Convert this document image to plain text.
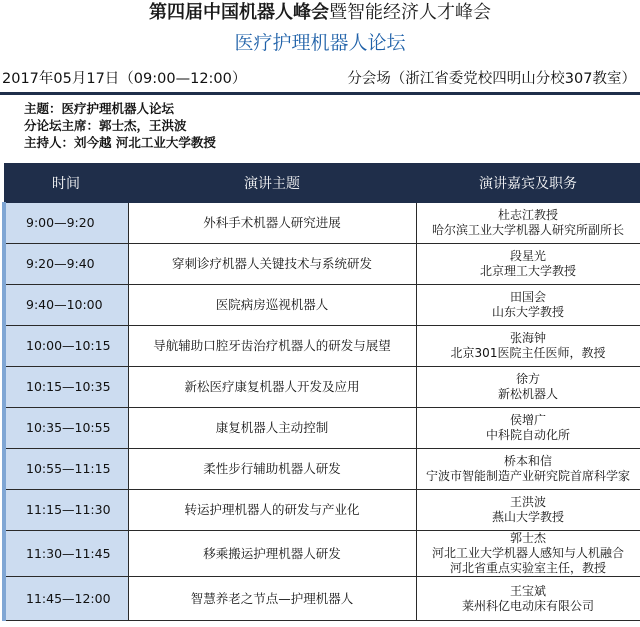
第四届中国机器人峰会暨智能经济人才峰会
医疗护理机器人论坛
2017年05月17日（09:00—12:00）	分会场（浙江省委党校四明山分校307教室）
主题：医疗护理机器人论坛
分论坛主席：郭士杰，王洪波
主持人：刘今越 河北工业大学教授
时间	演讲主题	演讲嘉宾及职务
9:00—9:20	外科手术机器人研究进展	杜志江教授
哈尔滨工业大学机器人研究所副所长

9:20—9:40	穿刺诊疗机器人关键技术与系统研发	段星光
北京理工大学教授

9:40—10:00	医院病房巡视机器人	田国会
山东大学教授

10:00—10:15	导航辅助口腔牙齿治疗机器人的研发与展望	张海钟
北京301医院主任医师，教授

10:15—10:35	新松医疗康复机器人开发及应用	徐方
新松机器人

10:35—10:55	康复机器人主动控制	侯增广
中科院自动化所

10:55—11:15	柔性步行辅助机器人研发	桥本和信
宁波市智能制造产业研究院首席科学家

11:15—11:30	转运护理机器人的研发与产业化	王洪波
燕山大学教授

11:30—11:45	移乘搬运护理机器人研发	郭士杰
河北工业大学机器人感知与人机融合
河北省重点实验室主任，教授

11:45—12:00	智慧养老之节点—护理机器人	王宝斌
莱州科亿电动床有限公司
